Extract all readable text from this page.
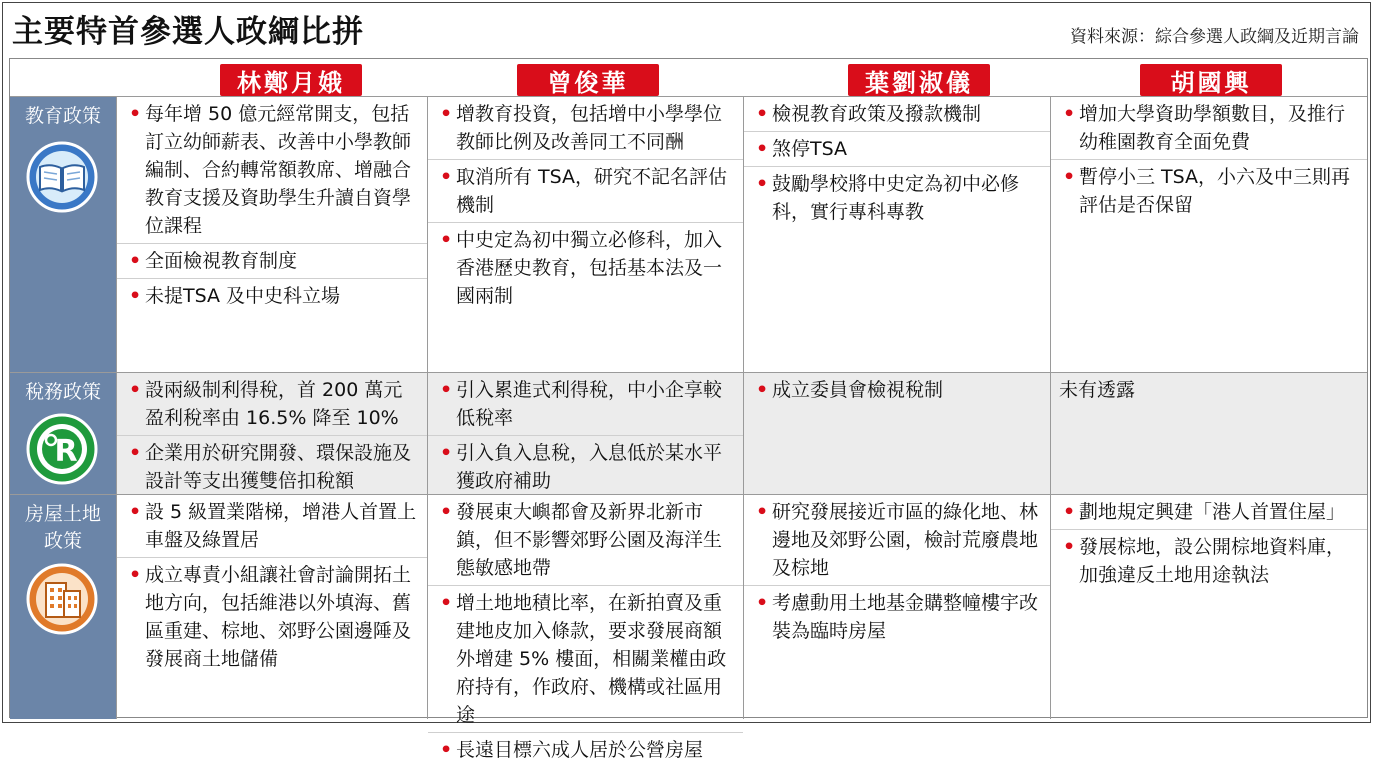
主要特首參選人政綱比拼	資料來源：綜合參選人政綱及近期言論
林鄭月娥	曾俊華	葉劉淑儀	胡國興
教育政策
•	每年增 50 億元經常開支，包括訂立幼師薪表、改善中小學教師編制、合約轉常額教席、增融合教育支援及資助學生升讀自資學位課程
• 全面檢視教育制度
• 未提TSA 及中史科立場
• 增教育投資，包括增中小學學位教師比例及改善同工不同酬
• 取消所有 TSA，研究不記名評估機制
• 中史定為初中獨立必修科，加入香港歷史教育，包括基本法及一國兩制
• 檢視教育政策及撥款機制
• 煞停TSA
• 鼓勵學校將中史定為初中必修科，實行專科專教
• 增加大學資助學額數目，及推行幼稚園教育全面免費
• 暫停小三 TSA，小六及中三則再評估是否保留
稅務政策
R
• 設兩級制利得稅，首 200 萬元盈利稅率由 16.5% 降至 10%
• 企業用於研究開發、環保設施及設計等支出獲雙倍扣稅額
• 引入累進式利得稅，中小企享較低稅率
• 引入負入息稅，入息低於某水平獲政府補助
• 成立委員會檢視稅制	未有透露
房屋土地
政策
• 設 5 級置業階梯，增港人首置上車盤及綠置居
• 成立專責小組讓社會討論開拓土地方向，包括維港以外填海、舊區重建、棕地、郊野公園邊陲及發展商土地儲備
• 發展東大嶼都會及新界北新市鎮，但不影響郊野公園及海洋生態敏感地帶
• 增土地地積比率，在新拍賣及重建地皮加入條款，要求發展商額外增建 5% 樓面，相關業權由政府持有，作政府、機構或社區用途
• 長遠目標六成人居於公營房屋
• 研究發展接近市區的綠化地、林邊地及郊野公園，檢討荒廢農地及棕地
• 考慮動用土地基金購整幢樓宇改裝為臨時房屋
• 劃地規定興建「港人首置住屋」
• 發展棕地，設公開棕地資料庫，加強違反土地用途執法
